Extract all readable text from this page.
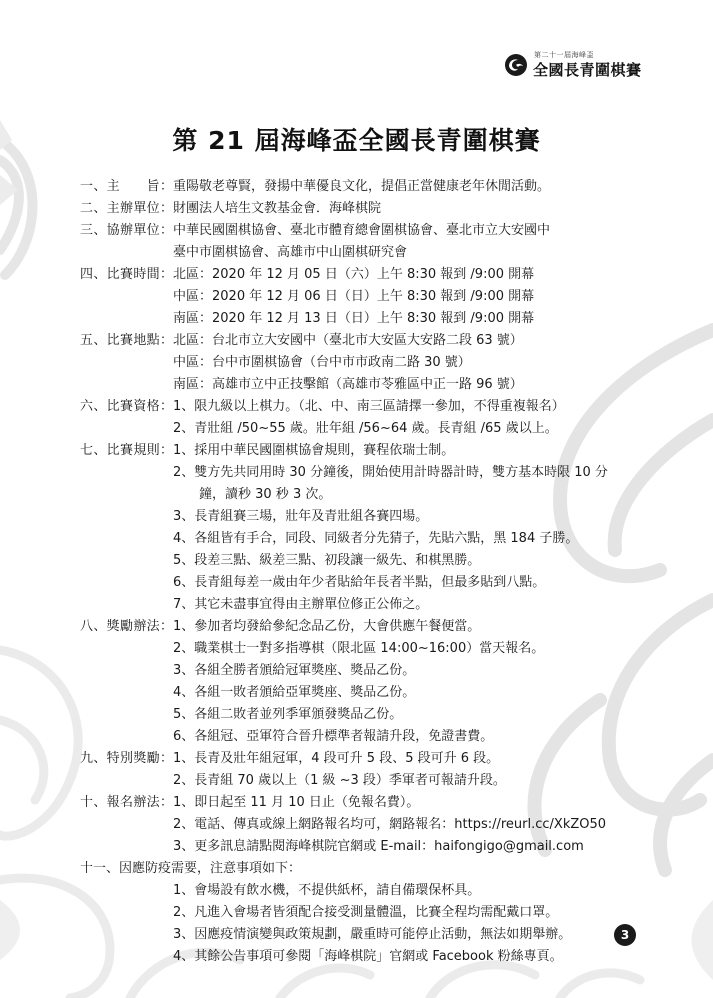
第二十一屆海峰盃
全國長青圍棋賽
第 21 屆海峰盃全國長青圍棋賽
一、主　　旨： 重陽敬老尊賢，發揚中華優良文化，提倡正當健康老年休閒活動。
二、主辦單位： 財團法人培生文教基金會．海峰棋院
三、協辦單位： 中華民國圍棋協會、臺北市體育總會圍棋協會、臺北市立大安國中
臺中市圍棋協會、高雄市中山圍棋研究會
四、比賽時間： 北區：2020 年 12 月 05 日（六）上午 8:30 報到 /9:00 開幕
中區：2020 年 12 月 06 日（日）上午 8:30 報到 /9:00 開幕
南區：2020 年 12 月 13 日（日）上午 8:30 報到 /9:00 開幕
五、比賽地點： 北區：台北市立大安國中（臺北市大安區大安路二段 63 號）
中區：台中市圍棋協會（台中市市政南二路 30 號）
南區：高雄市立中正技擊館（高雄市苓雅區中正一路 96 號）
六、比賽資格： 1、限九級以上棋力。（北、中、南三區請擇一參加，不得重複報名）
2、青壯組 /50~55 歲。壯年組 /56~64 歲。長青組 /65 歲以上。
七、比賽規則： 1、採用中華民國圍棋協會規則，賽程依瑞士制。
2、雙方先共同用時 30 分鐘後，開始使用計時器計時，雙方基本時限 10 分
　　鐘，讀秒 30 秒 3 次。
3、長青組賽三場，壯年及青壯組各賽四場。
4、各組皆有手合，同段、同級者分先猜子，先貼六點，黑 184 子勝。
5、段差三點、級差三點、初段讓一級先、和棋黑勝。
6、長青組每差一歲由年少者貼給年長者半點，但最多貼到八點。
7、其它未盡事宜得由主辦單位修正公佈之。
八、獎勵辦法： 1、參加者均發給參紀念品乙份，大會供應午餐便當。
2、職業棋士一對多指導棋（限北區 14:00~16:00）當天報名。
3、各組全勝者頒給冠軍獎座、獎品乙份。
4、各組一敗者頒給亞軍獎座、獎品乙份。
5、各組二敗者並列季軍頒發獎品乙份。
6、各組冠、亞軍符合晉升標準者報請升段，免證書費。
九、特別獎勵： 1、長青及壯年組冠軍，4 段可升 5 段、5 段可升 6 段。
2、長青組 70 歲以上（1 級 ~3 段）季軍者可報請升段。
十、報名辦法： 1、即日起至 11 月 10 日止（免報名費）。
2、電話、傳真或線上網路報名均可，網路報名：https://reurl.cc/XkZO50
3、更多訊息請點閱海峰棋院官網或 E-mail：haifongigo@gmail.com
十一、因應防疫需要，注意事項如下：
1、會場設有飲水機，不提供紙杯，請自備環保杯具。
2、凡進入會場者皆須配合接受測量體溫，比賽全程均需配戴口罩。
3、因應疫情演變與政策規劃，嚴重時可能停止活動，無法如期舉辦。
4、其餘公告事項可參閱「海峰棋院」官網或 Facebook 粉絲專頁。
3
